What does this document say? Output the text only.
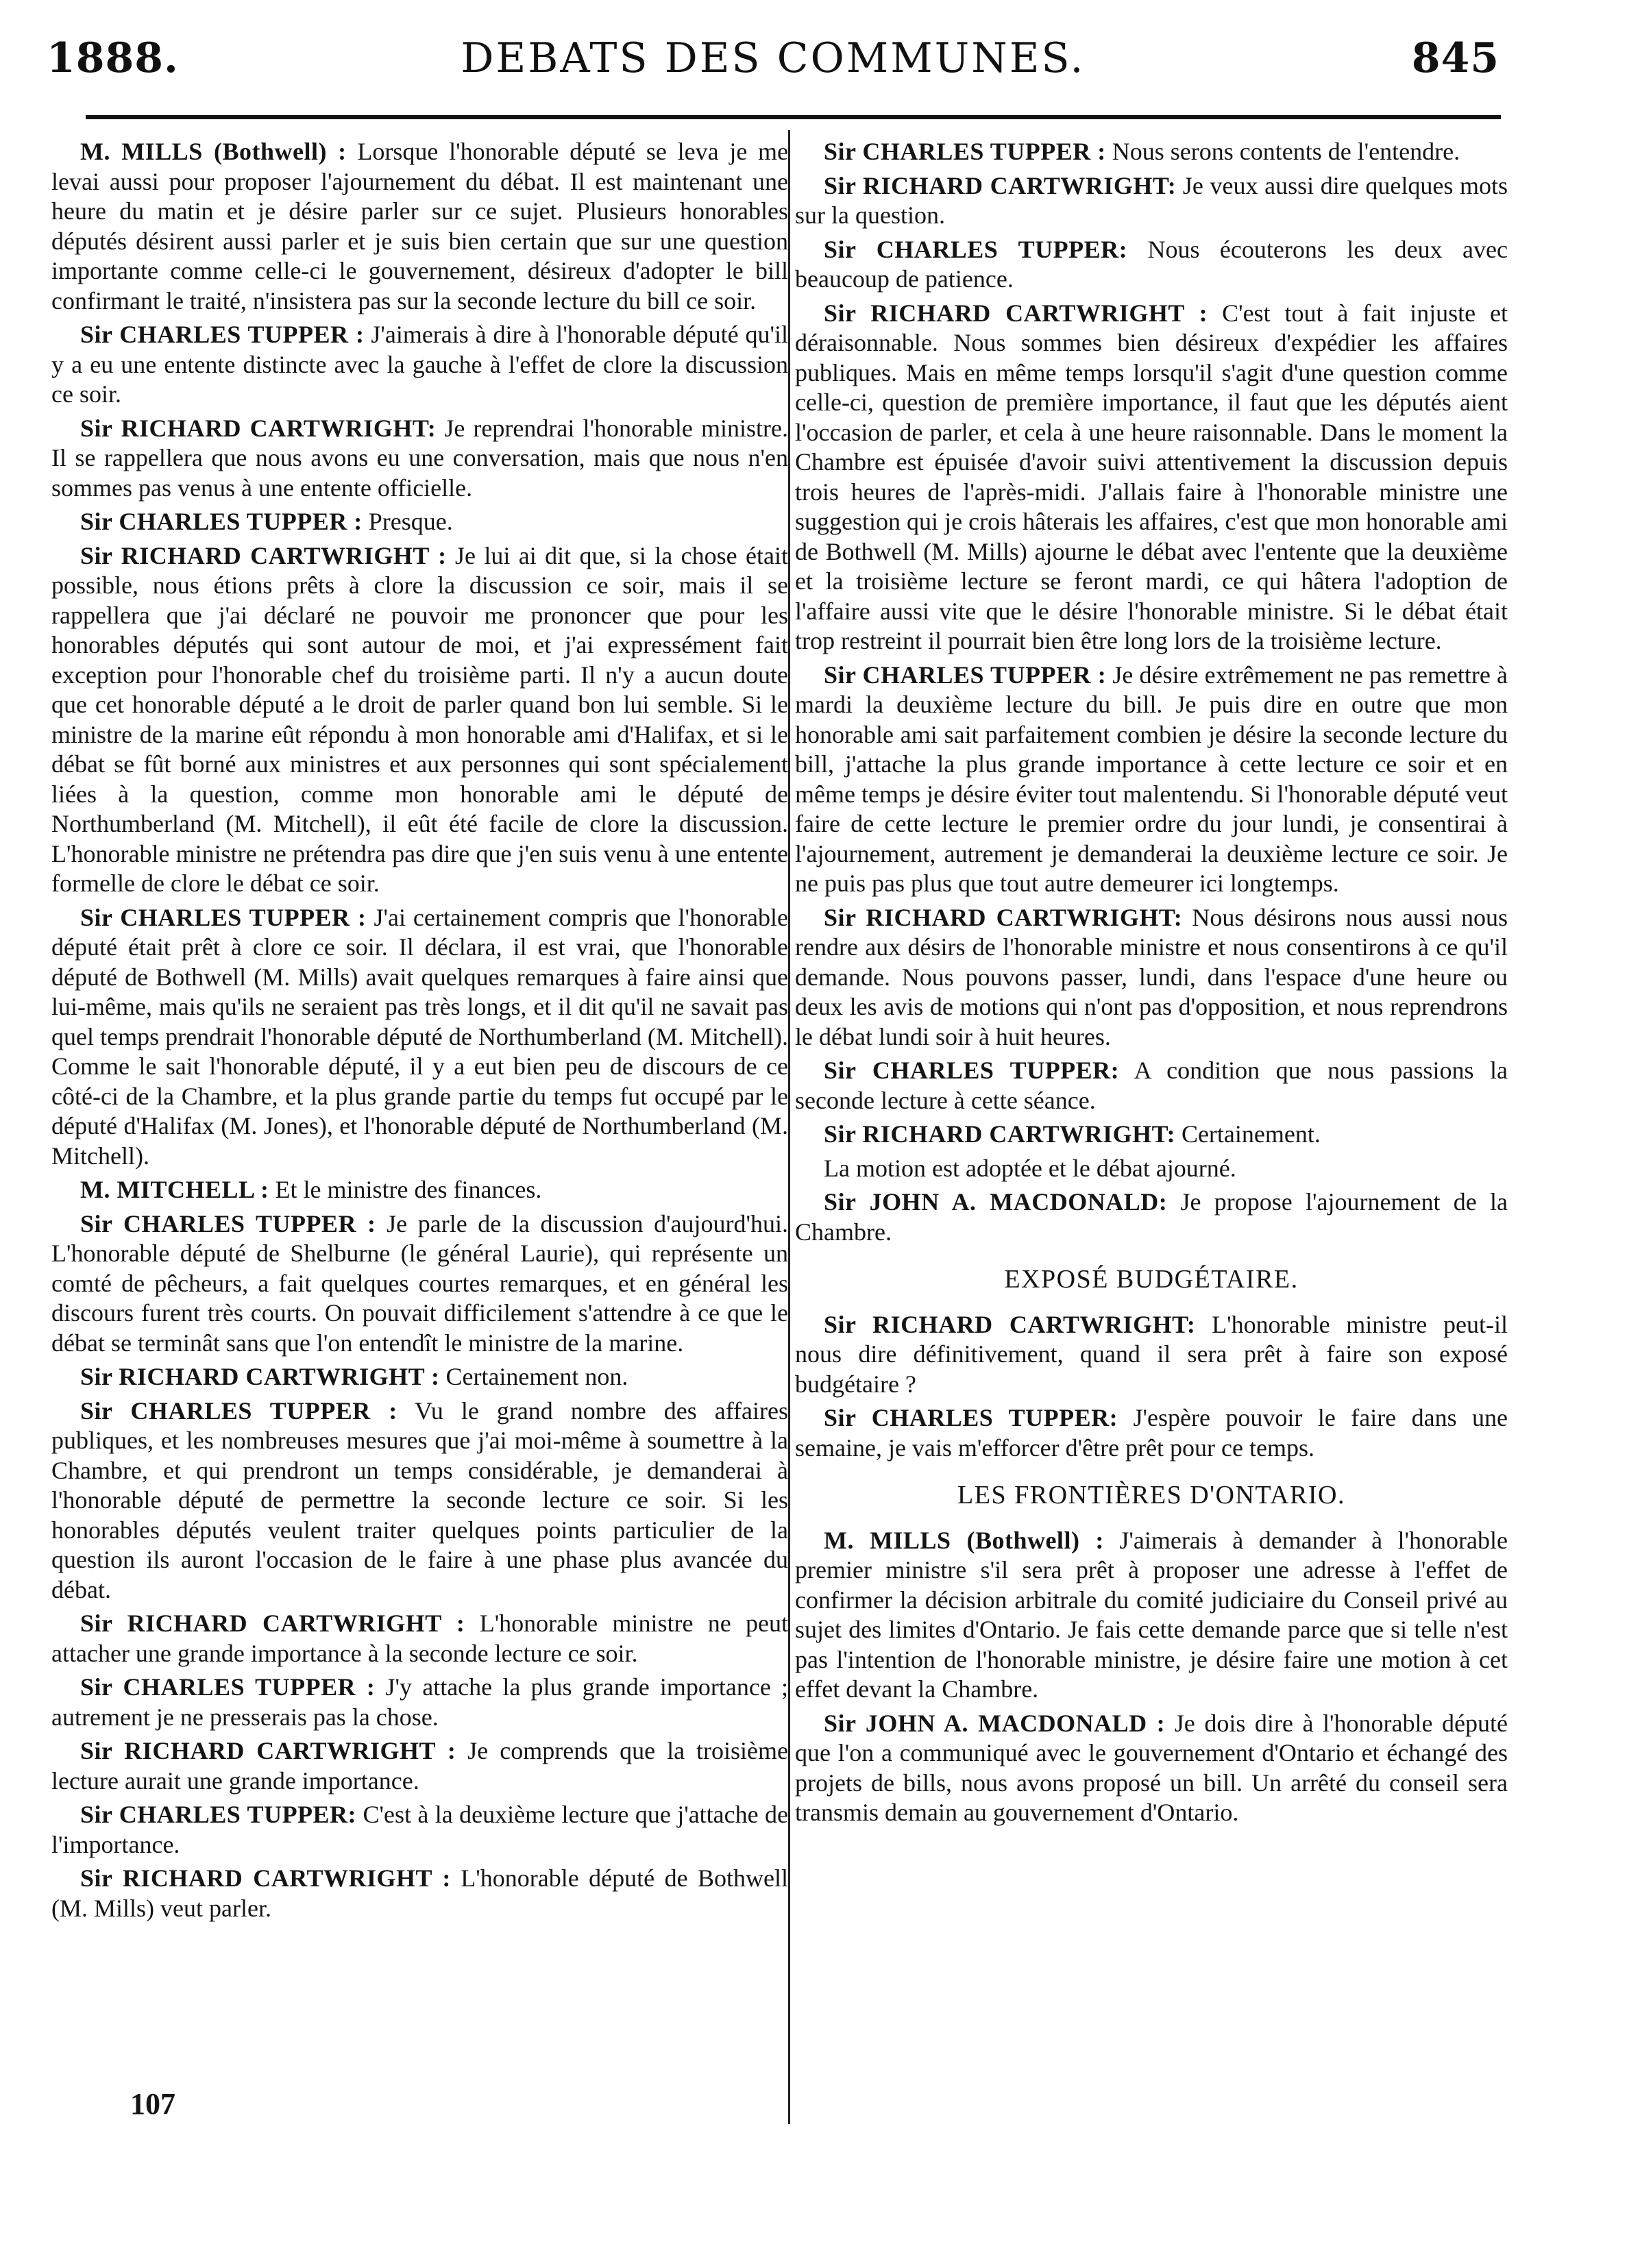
DEBATS DES COMMUNES.
1888.	845

M. MILLS (Bothwell) : Lorsque l'honorable député se leva je me levai aussi pour proposer l'ajournement du débat. Il est maintenant une heure du matin et je désire parler sur ce sujet. Plusieurs honorables députés désirent aussi parler et je suis bien certain que sur une question importante comme celle-ci le gouvernement, désireux d'adopter le bill confirmant le traité, n'insistera pas sur la seconde lecture du bill ce soir.

Sir CHARLES TUPPER : J'aimerais à dire à l'honorable député qu'il y a eu une entente distincte avec la gauche à l'effet de clore la discussion ce soir.

Sir RICHARD CARTWRIGHT: Je reprendrai l'honorable ministre. Il se rappellera que nous avons eu une conversation, mais que nous n'en sommes pas venus à une entente officielle.

Sir CHARLES TUPPER : Presque.

Sir RICHARD CARTWRIGHT : Je lui ai dit que, si la chose était possible, nous étions prêts à clore la discussion ce soir, mais il se rappellera que j'ai déclaré ne pouvoir me prononcer que pour les honorables députés qui sont autour de moi, et j'ai expressément fait exception pour l'honorable chef du troisième parti. Il n'y a aucun doute que cet honorable député a le droit de parler quand bon lui semble. Si le ministre de la marine eût répondu à mon honorable ami d'Halifax, et si le débat se fût borné aux ministres et aux personnes qui sont spécialement liées à la question, comme mon honorable ami le député de Northumberland (M. Mitchell), il eût été facile de clore la discussion. L'honorable ministre ne prétendra pas dire que j'en suis venu à une entente formelle de clore le débat ce soir.

Sir CHARLES TUPPER : J'ai certainement compris que l'honorable député était prêt à clore ce soir. Il déclara, il est vrai, que l'honorable député de Bothwell (M. Mills) avait quelques remarques à faire ainsi que lui-même, mais qu'ils ne seraient pas très longs, et il dit qu'il ne savait pas quel temps prendrait l'honorable député de Northumberland (M. Mitchell). Comme le sait l'honorable député, il y a eut bien peu de discours de ce côté-ci de la Chambre, et la plus grande partie du temps fut occupé par le député d'Halifax (M. Jones), et l'honorable député de Northumberland (M. Mitchell).

M. MITCHELL : Et le ministre des finances.

Sir CHARLES TUPPER : Je parle de la discussion d'aujourd'hui. L'honorable député de Shelburne (le général Laurie), qui représente un comté de pêcheurs, a fait quelques courtes remarques, et en général les discours furent très courts. On pouvait difficilement s'attendre à ce que le débat se terminât sans que l'on entendît le ministre de la marine.

Sir RICHARD CARTWRIGHT : Certainement non.

Sir CHARLES TUPPER : Vu le grand nombre des affaires publiques, et les nombreuses mesures que j'ai moi-même à soumettre à la Chambre, et qui prendront un temps considérable, je demanderai à l'honorable député de permettre la seconde lecture ce soir. Si les honorables députés veulent traiter quelques points particulier de la question ils auront l'occasion de le faire à une phase plus avancée du débat.

Sir RICHARD CARTWRIGHT : L'honorable ministre ne peut attacher une grande importance à la seconde lecture ce soir.

Sir CHARLES TUPPER : J'y attache la plus grande importance ; autrement je ne presserais pas la chose.

Sir RICHARD CARTWRIGHT : Je comprends que la troisième lecture aurait une grande importance.

Sir CHARLES TUPPER: C'est à la deuxième lecture que j'attache de l'importance.

Sir RICHARD CARTWRIGHT : L'honorable député de Bothwell (M. Mills) veut parler.

Sir CHARLES TUPPER : Nous serons contents de l'entendre.

Sir RICHARD CARTWRIGHT: Je veux aussi dire quelques mots sur la question.

Sir CHARLES TUPPER: Nous écouterons les deux avec beaucoup de patience.

Sir RICHARD CARTWRIGHT : C'est tout à fait injuste et déraisonnable. Nous sommes bien désireux d'expédier les affaires publiques. Mais en même temps lorsqu'il s'agit d'une question comme celle-ci, question de première importance, il faut que les députés aient l'occasion de parler, et cela à une heure raisonnable. Dans le moment la Chambre est épuisée d'avoir suivi attentivement la discussion depuis trois heures de l'après-midi. J'allais faire à l'honorable ministre une suggestion qui je crois hâterais les affaires, c'est que mon honorable ami de Bothwell (M. Mills) ajourne le débat avec l'entente que la deuxième et la troisième lecture se feront mardi, ce qui hâtera l'adoption de l'affaire aussi vite que le désire l'honorable ministre. Si le débat était trop restreint il pourrait bien être long lors de la troisième lecture.

Sir CHARLES TUPPER : Je désire extrêmement ne pas remettre à mardi la deuxième lecture du bill. Je puis dire en outre que mon honorable ami sait parfaitement combien je désire la seconde lecture du bill, j'attache la plus grande importance à cette lecture ce soir et en même temps je désire éviter tout malentendu. Si l'honorable député veut faire de cette lecture le premier ordre du jour lundi, je consentirai à l'ajournement, autrement je demanderai la deuxième lecture ce soir. Je ne puis pas plus que tout autre demeurer ici longtemps.

Sir RICHARD CARTWRIGHT: Nous désirons nous aussi nous rendre aux désirs de l'honorable ministre et nous consentirons à ce qu'il demande. Nous pouvons passer, lundi, dans l'espace d'une heure ou deux les avis de motions qui n'ont pas d'opposition, et nous reprendrons le débat lundi soir à huit heures.

Sir CHARLES TUPPER: A condition que nous passions la seconde lecture à cette séance.

Sir RICHARD CARTWRIGHT: Certainement.

La motion est adoptée et le débat ajourné.

Sir JOHN A. MACDONALD: Je propose l'ajournement de la Chambre.

EXPOSÉ BUDGÉTAIRE.

Sir RICHARD CARTWRIGHT: L'honorable ministre peut-il nous dire définitivement, quand il sera prêt à faire son exposé budgétaire ?

Sir CHARLES TUPPER: J'espère pouvoir le faire dans une semaine, je vais m'efforcer d'être prêt pour ce temps.

LES FRONTIÈRES D'ONTARIO.

M. MILLS (Bothwell) : J'aimerais à demander à l'honorable premier ministre s'il sera prêt à proposer une adresse à l'effet de confirmer la décision arbitrale du comité judiciaire du Conseil privé au sujet des limites d'Ontario. Je fais cette demande parce que si telle n'est pas l'intention de l'honorable ministre, je désire faire une motion à cet effet devant la Chambre.

Sir JOHN A. MACDONALD : Je dois dire à l'honorable député que l'on a communiqué avec le gouvernement d'Ontario et échangé des projets de bills, nous avons proposé un bill. Un arrêté du conseil sera transmis demain au gouvernement d'Ontario.

107
